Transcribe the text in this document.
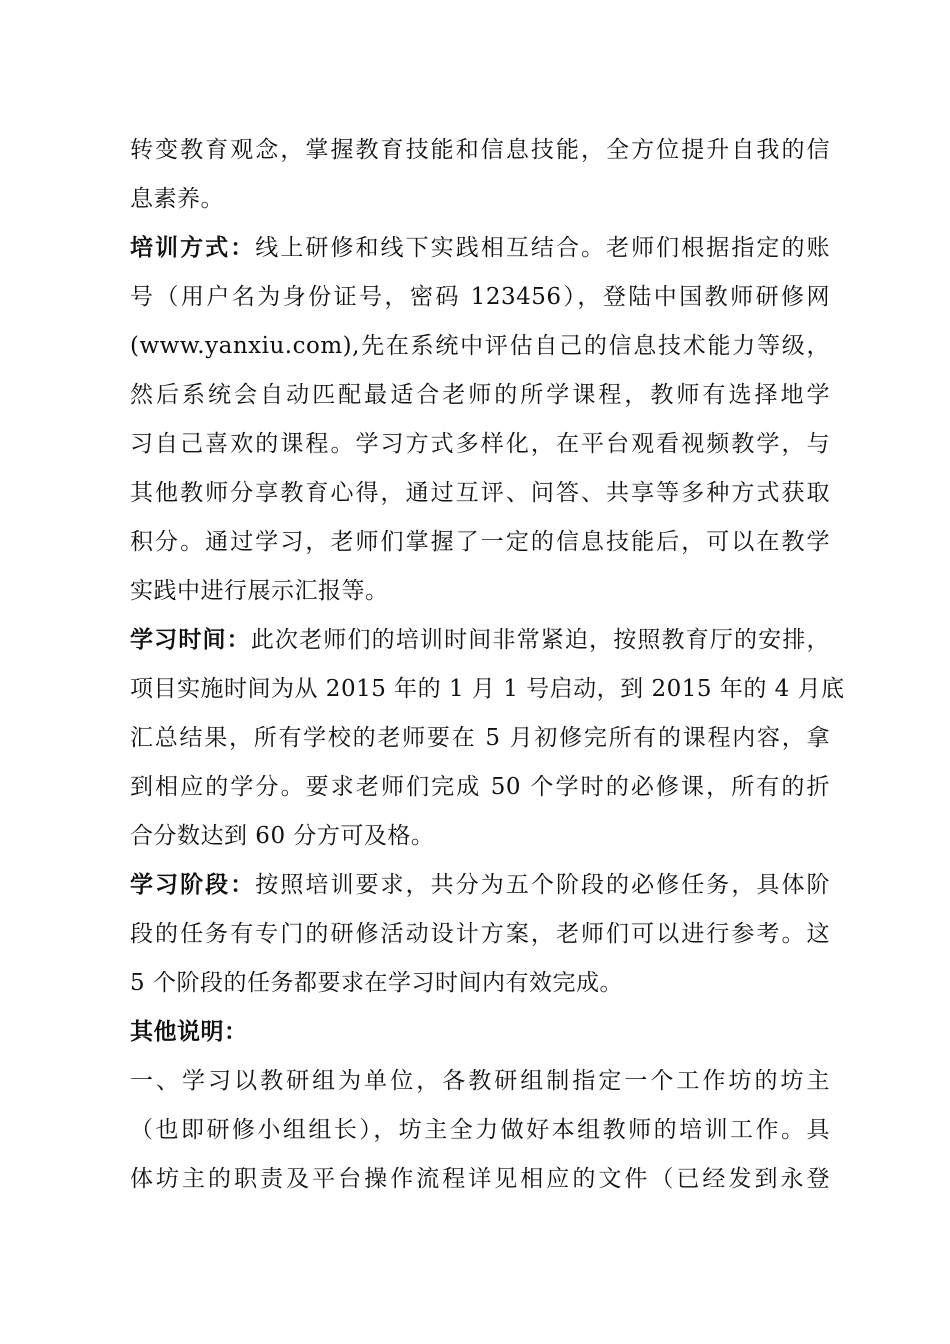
转变教育观念，掌握教育技能和信息技能，全方位提升自我的信
息素养。
培训方式：线上研修和线下实践相互结合。老师们根据指定的账
号（用户名为身份证号，密码 123456），登陆中国教师研修网
(www.yanxiu.com),先在系统中评估自己的信息技术能力等级，
然后系统会自动匹配最适合老师的所学课程，教师有选择地学
习自己喜欢的课程。学习方式多样化，在平台观看视频教学，与
其他教师分享教育心得，通过互评、问答、共享等多种方式获取
积分。通过学习，老师们掌握了一定的信息技能后，可以在教学
实践中进行展示汇报等。
学习时间：此次老师们的培训时间非常紧迫，按照教育厅的安排，
项目实施时间为从 2015 年的 1 月 1 号启动，到 2015 年的 4 月底
汇总结果，所有学校的老师要在 5 月初修完所有的课程内容，拿
到相应的学分。要求老师们完成 50 个学时的必修课，所有的折
合分数达到 60 分方可及格。
学习阶段：按照培训要求，共分为五个阶段的必修任务，具体阶
段的任务有专门的研修活动设计方案，老师们可以进行参考。这
5 个阶段的任务都要求在学习时间内有效完成。
其他说明：
一、学习以教研组为单位，各教研组制指定一个工作坊的坊主
（也即研修小组组长），坊主全力做好本组教师的培训工作。具
体坊主的职责及平台操作流程详见相应的文件（已经发到永登
